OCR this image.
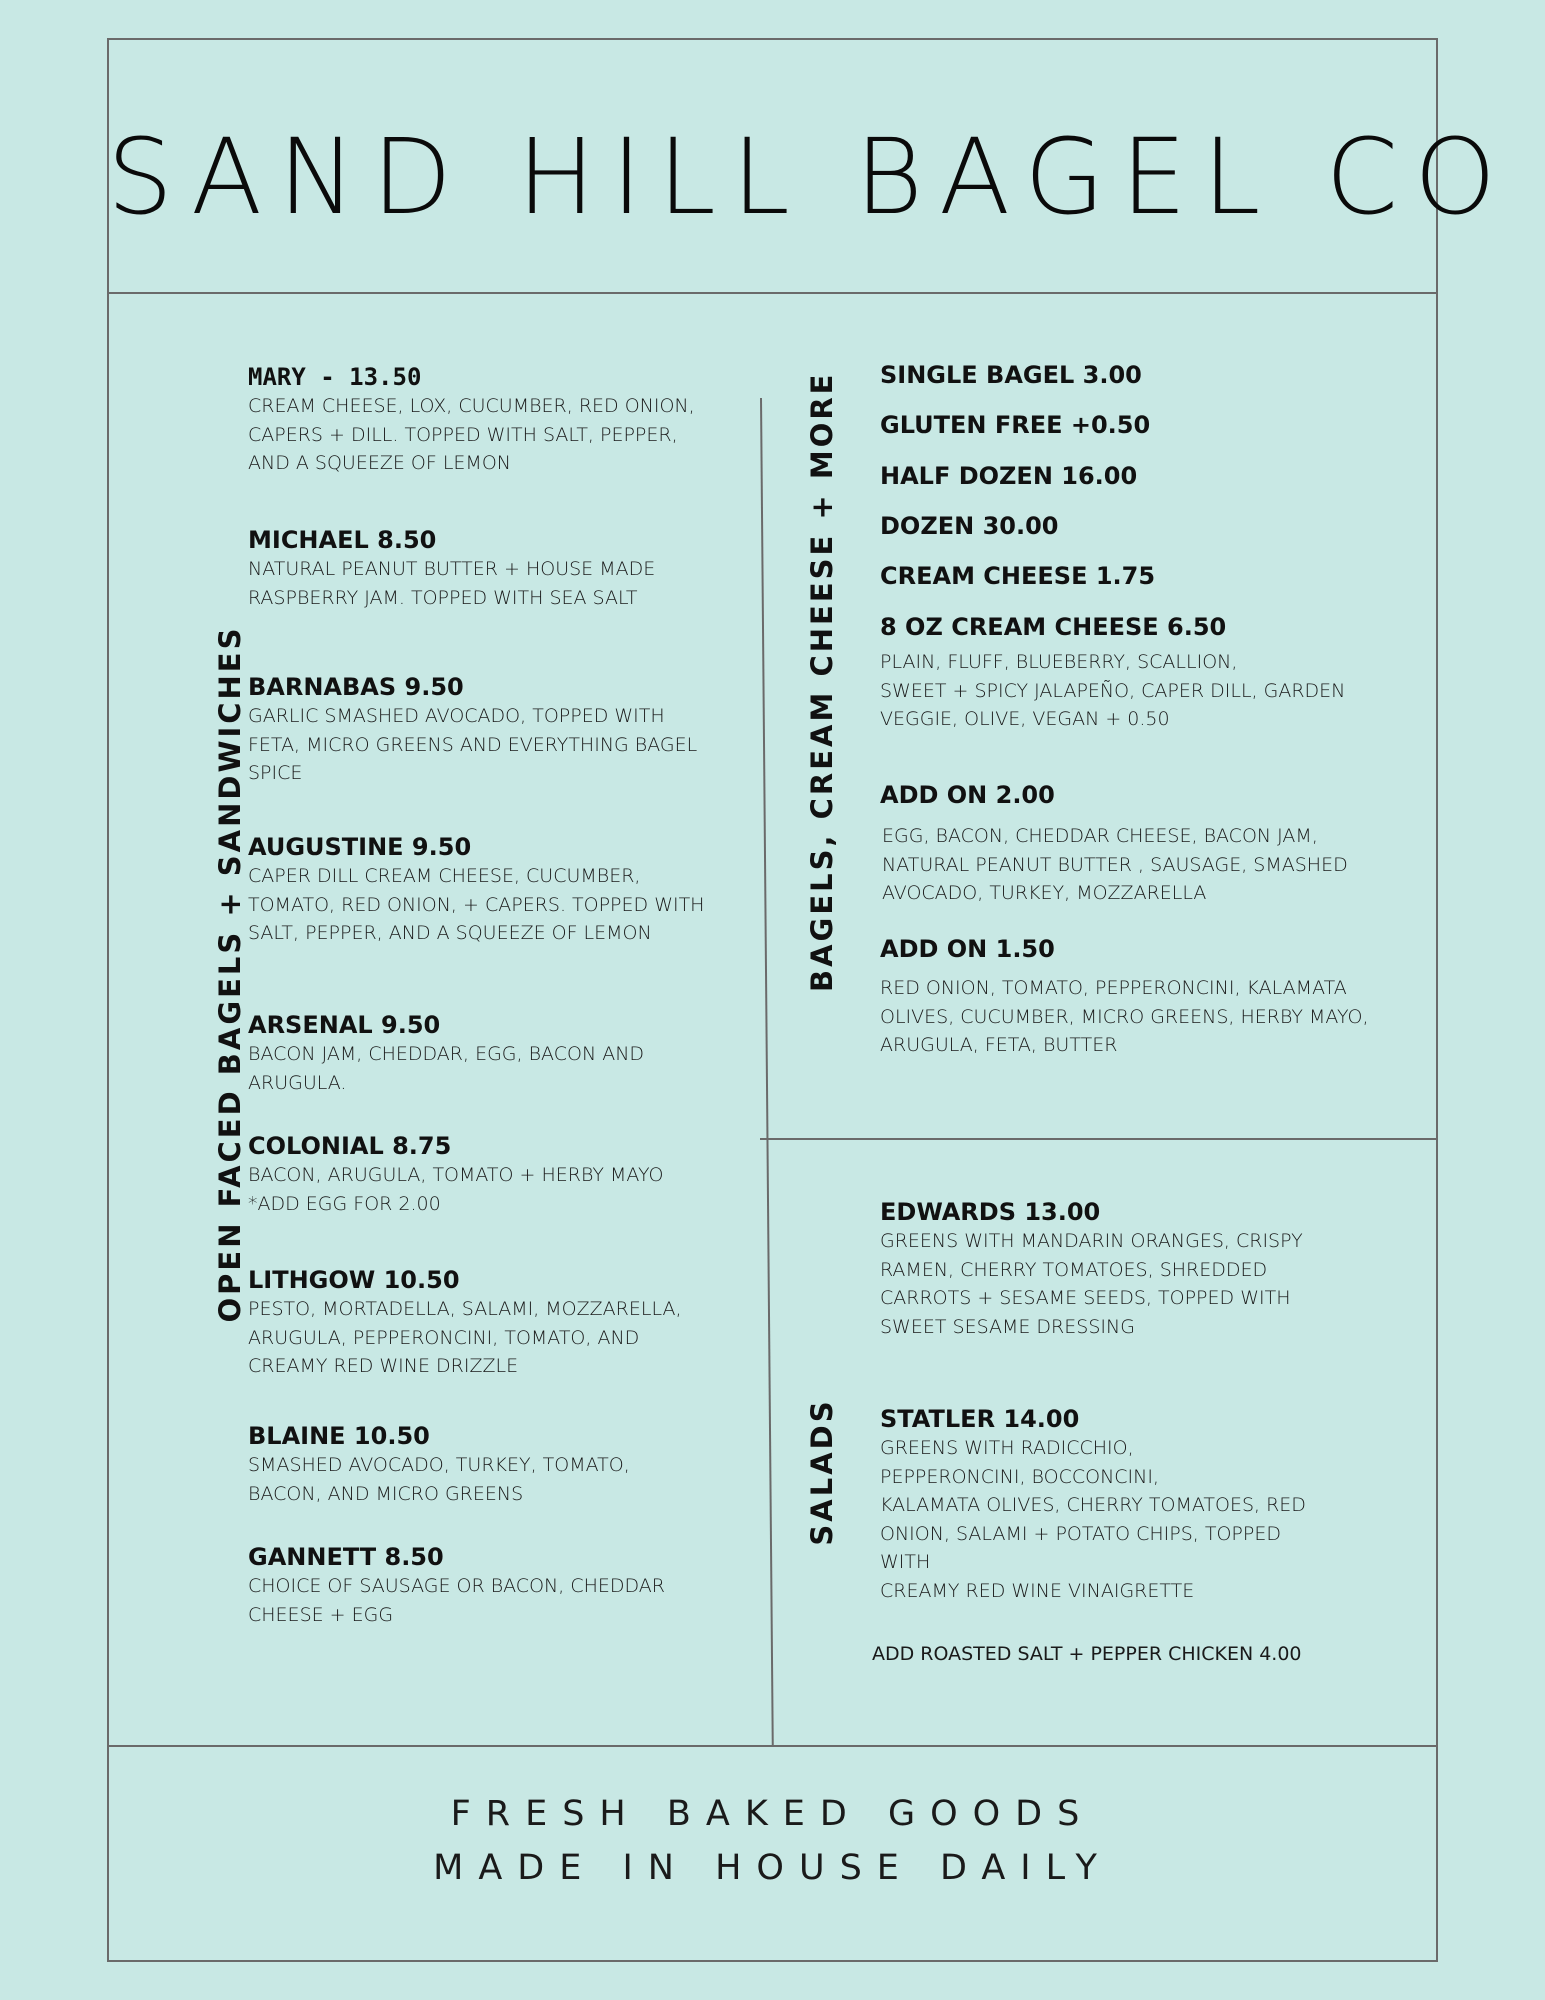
SAND HILL BAGEL CO
OPEN FACED BAGELS + SANDWICHES
MARY - 13.50
CREAM CHEESE, LOX, CUCUMBER, RED ONION,
CAPERS + DILL. TOPPED WITH SALT, PEPPER,
AND A SQUEEZE OF LEMON
MICHAEL 8.50
NATURAL PEANUT BUTTER + HOUSE MADE
RASPBERRY JAM. TOPPED WITH SEA SALT
BARNABAS 9.50
GARLIC SMASHED AVOCADO, TOPPED WITH
FETA, MICRO GREENS AND EVERYTHING BAGEL
SPICE
AUGUSTINE 9.50
CAPER DILL CREAM CHEESE, CUCUMBER,
TOMATO, RED ONION, + CAPERS. TOPPED WITH
SALT, PEPPER, AND A SQUEEZE OF LEMON
ARSENAL 9.50
BACON JAM, CHEDDAR, EGG, BACON AND
ARUGULA.
COLONIAL 8.75
BACON, ARUGULA, TOMATO + HERBY MAYO
*ADD EGG FOR 2.00
LITHGOW 10.50
PESTO, MORTADELLA, SALAMI, MOZZARELLA,
ARUGULA, PEPPERONCINI, TOMATO, AND
CREAMY RED WINE DRIZZLE
BLAINE 10.50
SMASHED AVOCADO, TURKEY, TOMATO,
BACON, AND MICRO GREENS
GANNETT 8.50
CHOICE OF SAUSAGE OR BACON, CHEDDAR
CHEESE + EGG
BAGELS, CREAM CHEESE + MORE SINGLE BAGEL 3.00
GLUTEN FREE +0.50
HALF DOZEN 16.00
DOZEN 30.00
CREAM CHEESE 1.75
8 OZ CREAM CHEESE 6.50
PLAIN, FLUFF, BLUEBERRY, SCALLION,
SWEET + SPICY JALAPEÑO, CAPER DILL, GARDEN
VEGGIE, OLIVE, VEGAN + 0.50
ADD ON 2.00
EGG, BACON, CHEDDAR CHEESE, BACON JAM,
NATURAL PEANUT BUTTER , SAUSAGE, SMASHED
AVOCADO, TURKEY, MOZZARELLA
ADD ON 1.50
RED ONION, TOMATO, PEPPERONCINI, KALAMATA
OLIVES, CUCUMBER, MICRO GREENS, HERBY MAYO,
ARUGULA, FETA, BUTTER
SALADS
EDWARDS 13.00
GREENS WITH MANDARIN ORANGES, CRISPY
RAMEN, CHERRY TOMATOES, SHREDDED
CARROTS + SESAME SEEDS, TOPPED WITH
SWEET SESAME DRESSING
STATLER 14.00
GREENS WITH RADICCHIO,
PEPPERONCINI, BOCCONCINI,
KALAMATA OLIVES, CHERRY TOMATOES, RED
ONION, SALAMI + POTATO CHIPS, TOPPED
WITH
CREAMY RED WINE VINAIGRETTE
ADD ROASTED SALT + PEPPER CHICKEN 4.00
FRESH BAKED GOODS
MADE IN HOUSE DAILY
